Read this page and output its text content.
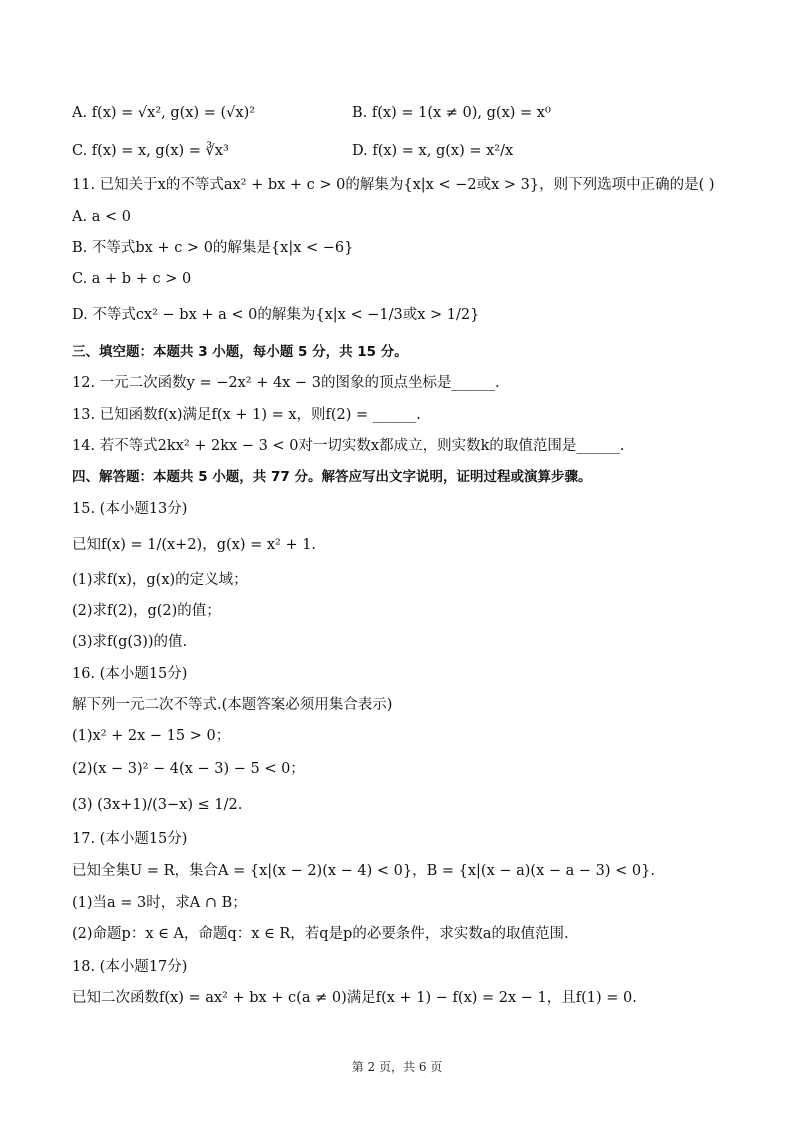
A. f(x) = √x², g(x) = (√x)²	B. f(x) = 1(x ≠ 0), g(x) = x⁰
C. f(x) = x, g(x) = ∛x³	D. f(x) = x, g(x) = x²/x
11. 已知关于x的不等式ax² + bx + c > 0的解集为{x|x < −2或x > 3}，则下列选项中正确的是( )
A. a < 0
B. 不等式bx + c > 0的解集是{x|x < −6}
C. a + b + c > 0
D. 不等式cx² − bx + a < 0的解集为{x|x < −1/3或x > 1/2}
三、填空题：本题共 3 小题，每小题 5 分，共 15 分。
12. 一元二次函数y = −2x² + 4x − 3的图象的顶点坐标是______.
13. 已知函数f(x)满足f(x + 1) = x，则f(2) = ______.
14. 若不等式2kx² + 2kx − 3 < 0对一切实数x都成立，则实数k的取值范围是______.
四、解答题：本题共 5 小题，共 77 分。解答应写出文字说明，证明过程或演算步骤。
15. (本小题13分)
已知f(x) = 1/(x+2)，g(x) = x² + 1.
(1)求f(x)，g(x)的定义域；
(2)求f(2)，g(2)的值；
(3)求f(g(3))的值.
16. (本小题15分)
解下列一元二次不等式.(本题答案必须用集合表示)
(1)x² + 2x − 15 > 0；
(2)(x − 3)² − 4(x − 3) − 5 < 0；
(3) (3x+1)/(3−x) ≤ 1/2.
17. (本小题15分)
已知全集U = R，集合A = {x|(x − 2)(x − 4) < 0}，B = {x|(x − a)(x − a − 3) < 0}.
(1)当a = 3时，求A ∩ B；
(2)命题p：x ∈ A，命题q：x ∈ R，若q是p的必要条件，求实数a的取值范围.
18. (本小题17分)
已知二次函数f(x) = ax² + bx + c(a ≠ 0)满足f(x + 1) − f(x) = 2x − 1，且f(1) = 0.
第 2 页，共 6 页
